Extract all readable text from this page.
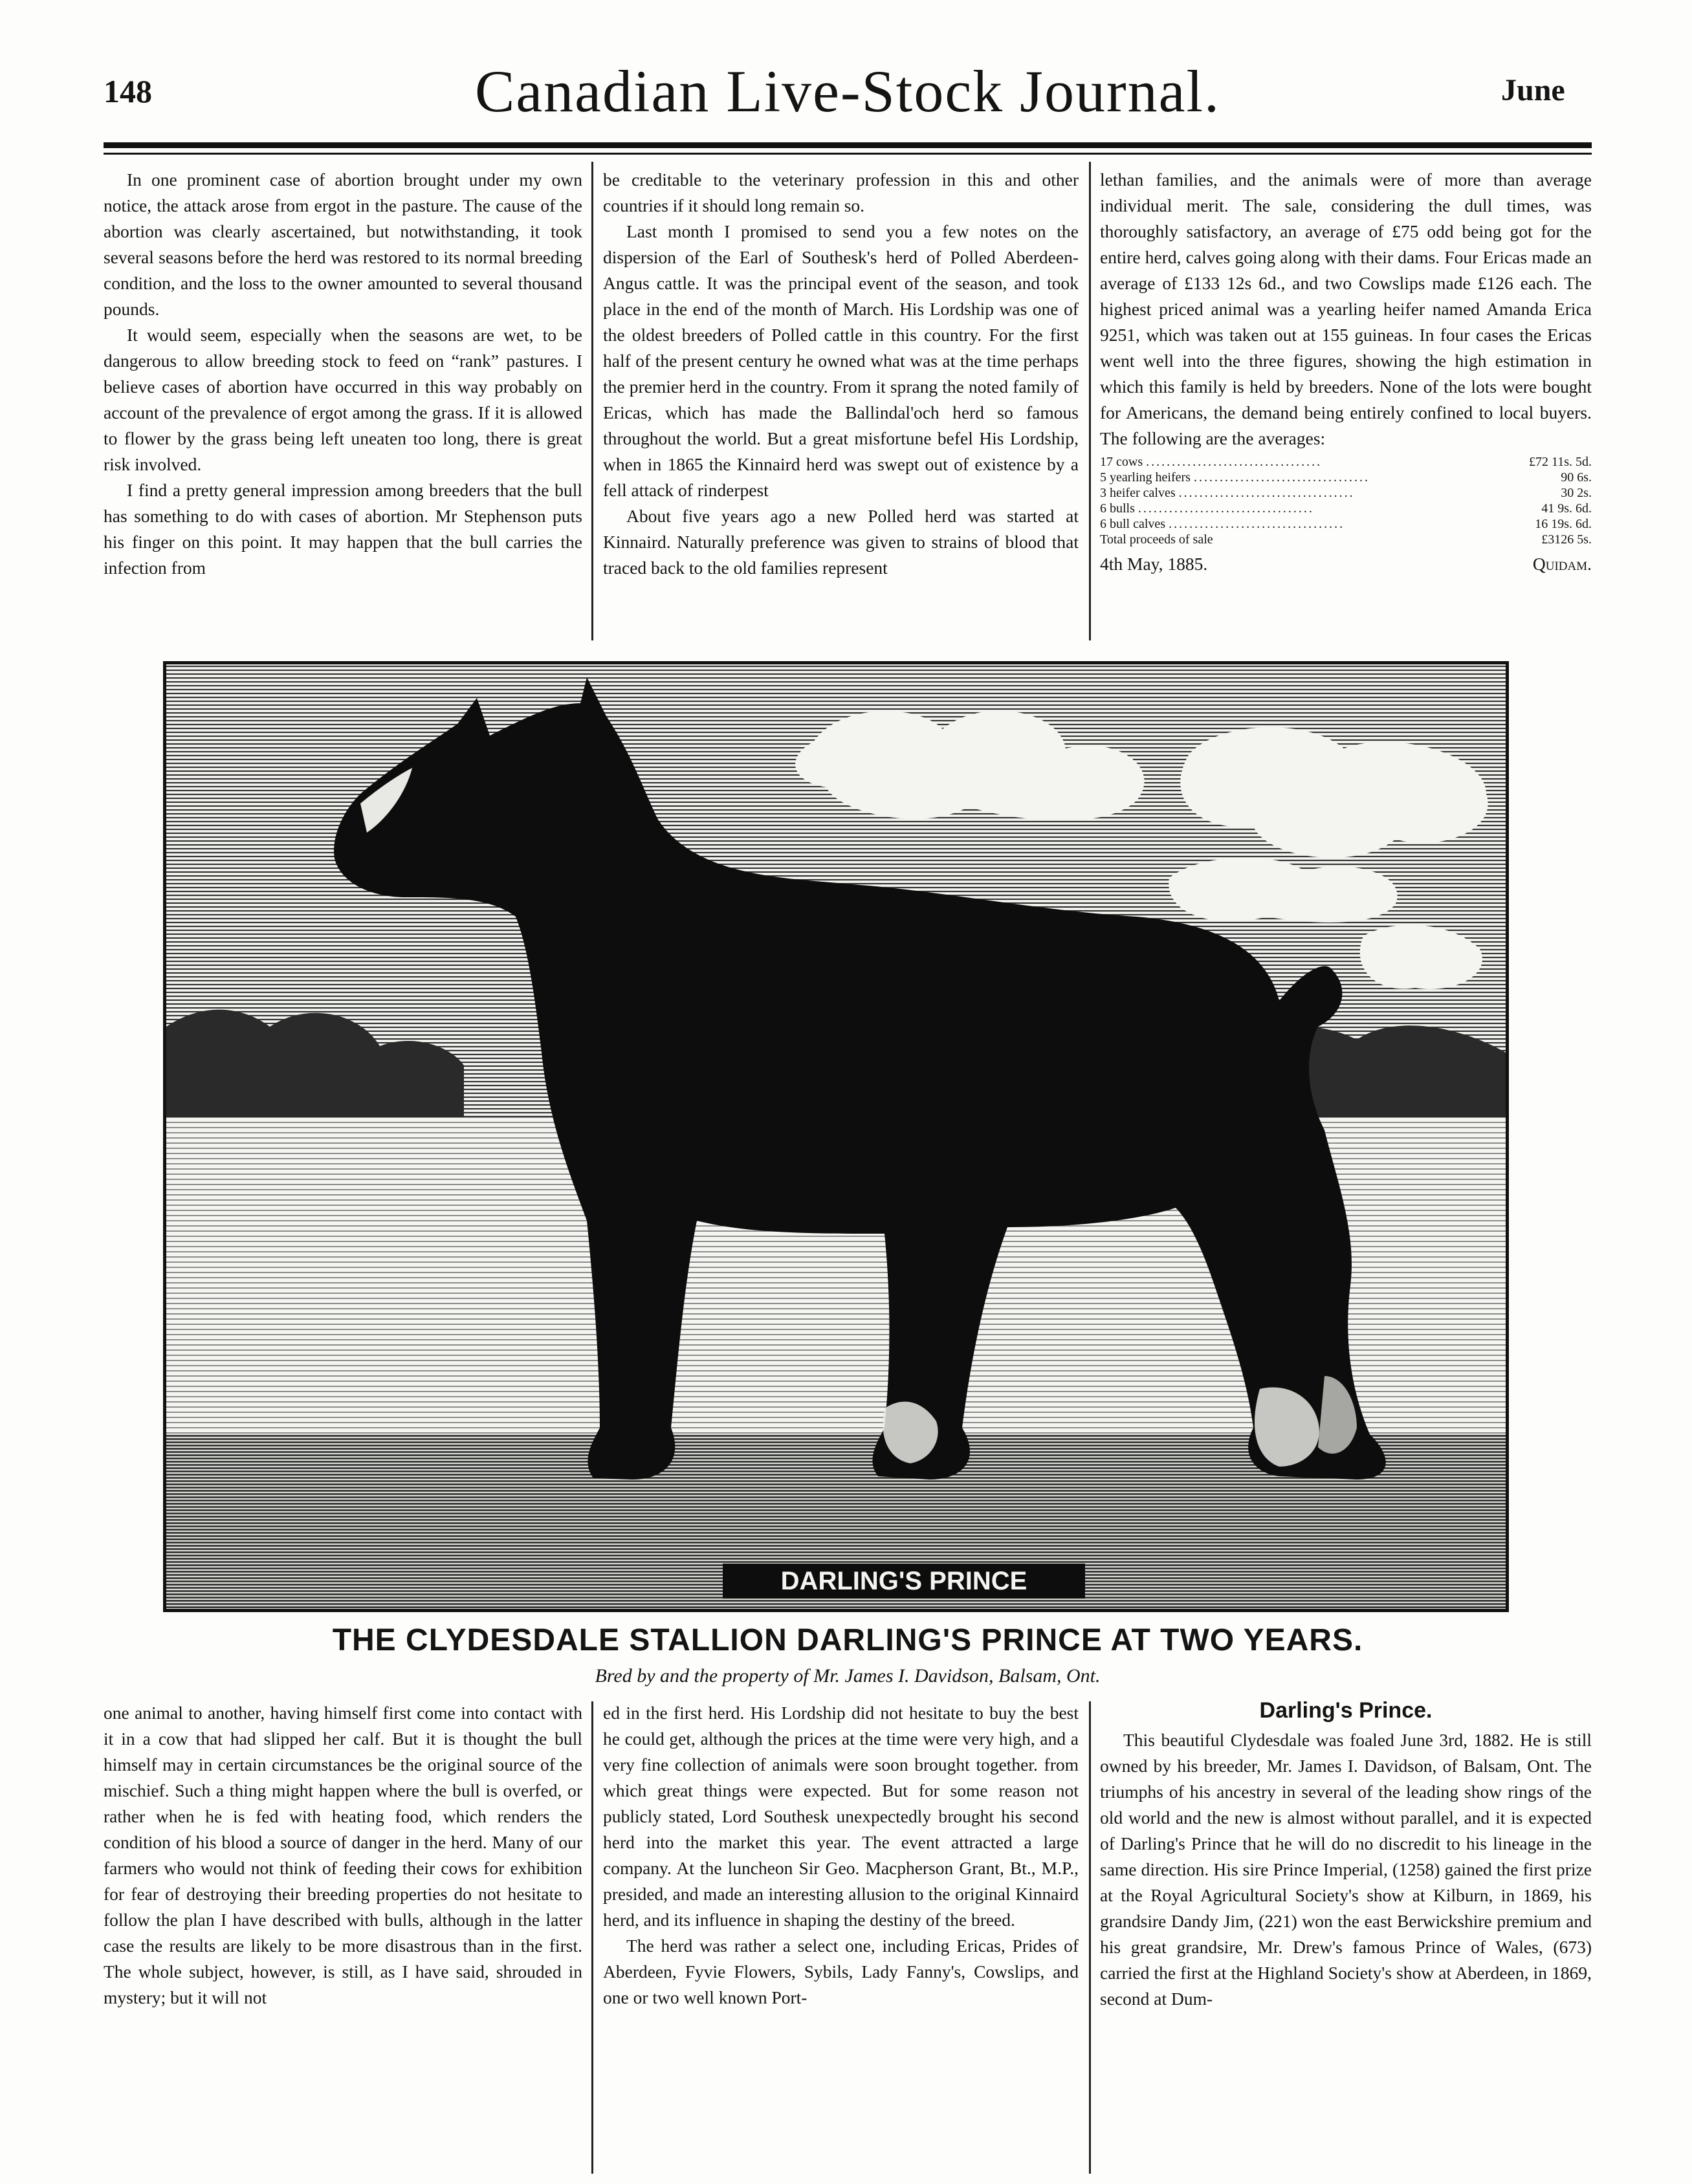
148	Canadian Live-Stock Journal.	June

In one prominent case of abortion brought under my own notice, the attack arose from ergot in the pasture. The cause of the abortion was clearly ascertained, but notwithstanding, it took several seasons before the herd was restored to its normal breeding condition, and the loss to the owner amounted to several thousand pounds.

It would seem, especially when the seasons are wet, to be dangerous to allow breeding stock to feed on “rank” pastures. I believe cases of abortion have occurred in this way probably on account of the prevalence of ergot among the grass. If it is allowed to flower by the grass being left uneaten too long, there is great risk involved.

I find a pretty general impression among breeders that the bull has something to do with cases of abortion. Mr Stephenson puts his finger on this point. It may happen that the bull carries the infection from

be creditable to the veterinary profession in this and other countries if it should long remain so.

Last month I promised to send you a few notes on the dispersion of the Earl of Southesk's herd of Polled Aberdeen-Angus cattle. It was the principal event of the season, and took place in the end of the month of March. His Lordship was one of the oldest breeders of Polled cattle in this country. For the first half of the present century he owned what was at the time perhaps the premier herd in the country. From it sprang the noted family of Ericas, which has made the Ballindal'och herd so famous throughout the world. But a great misfortune befel His Lordship, when in 1865 the Kinnaird herd was swept out of existence by a fell attack of rinderpest

About five years ago a new Polled herd was started at Kinnaird. Naturally preference was given to strains of blood that traced back to the old families represent

lethan families, and the animals were of more than average individual merit. The sale, considering the dull times, was thoroughly satisfactory, an average of £75 odd being got for the entire herd, calves going along with their dams. Four Ericas made an average of £133 12s 6d., and two Cowslips made £126 each. The highest priced animal was a yearling heifer named Amanda Erica 9251, which was taken out at 155 guineas. In four cases the Ericas went well into the three figures, showing the high estimation in which this family is held by breeders. None of the lots were bought for Americans, the demand being entirely confined to local buyers. The following are the averages:

17 cows ..................................	£72 11s. 5d.
5 yearling heifers ..................................	90 6s.
3 heifer calves ..................................	30 2s.
6 bulls ..................................	41 9s. 6d.
6 bull calves ..................................	16 19s. 6d.
Total proceeds of sale	£3126 5s.
4th May, 1885.	Quidam.
DARLING'S PRINCE
THE CLYDESDALE STALLION DARLING'S PRINCE AT TWO YEARS.
Bred by and the property of Mr. James I. Davidson, Balsam, Ont.

one animal to another, having himself first come into contact with it in a cow that had slipped her calf. But it is thought the bull himself may in certain circumstances be the original source of the mischief. Such a thing might happen where the bull is overfed, or rather when he is fed with heating food, which renders the condition of his blood a source of danger in the herd. Many of our farmers who would not think of feeding their cows for exhibition for fear of destroying their breeding properties do not hesitate to follow the plan I have described with bulls, although in the latter case the results are likely to be more disastrous than in the first. The whole subject, however, is still, as I have said, shrouded in mystery; but it will not

ed in the first herd. His Lordship did not hesitate to buy the best he could get, although the prices at the time were very high, and a very fine collection of animals were soon brought together. from which great things were expected. But for some reason not publicly stated, Lord Southesk unexpectedly brought his second herd into the market this year. The event attracted a large company. At the luncheon Sir Geo. Macpherson Grant, Bt., M.P., presided, and made an interesting allusion to the original Kinnaird herd, and its influence in shaping the destiny of the breed.

The herd was rather a select one, including Ericas, Prides of Aberdeen, Fyvie Flowers, Sybils, Lady Fanny's, Cowslips, and one or two well known Port-

Darling's Prince.

This beautiful Clydesdale was foaled June 3rd, 1882. He is still owned by his breeder, Mr. James I. Davidson, of Balsam, Ont. The triumphs of his ancestry in several of the leading show rings of the old world and the new is almost without parallel, and it is expected of Darling's Prince that he will do no discredit to his lineage in the same direction. His sire Prince Imperial, (1258) gained the first prize at the Royal Agricultural Society's show at Kilburn, in 1869, his grandsire Dandy Jim, (221) won the east Berwickshire premium and his great grandsire, Mr. Drew's famous Prince of Wales, (673) carried the first at the Highland Society's show at Aberdeen, in 1869, second at Dum-
